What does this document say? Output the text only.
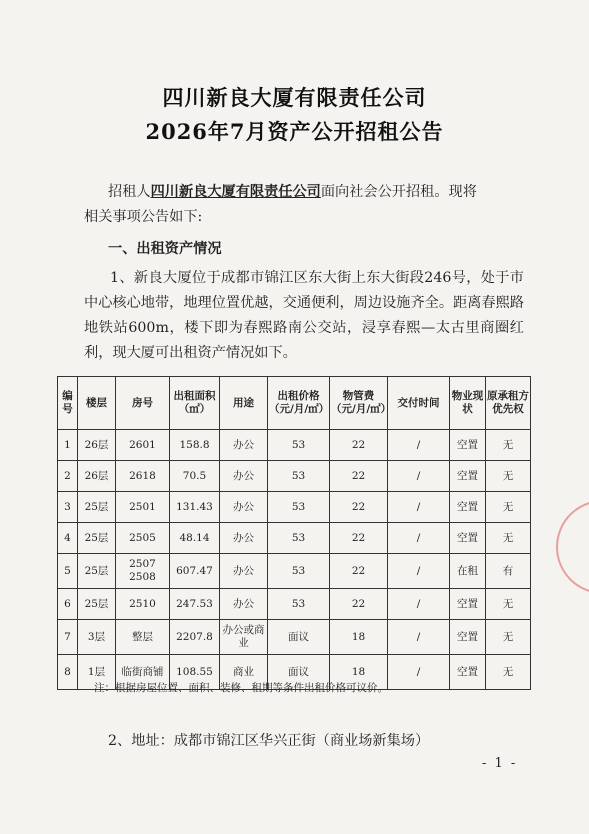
四川新良大厦有限责任公司
2026年7月资产公开招租公告
招租人四川新良大厦有限责任公司面向社会公开招租。现将
相关事项公告如下:
一、出租资产情况
1、新良大厦位于成都市锦江区东大街上东大街段246号，处于市中心核心地带，地理位置优越，交通便利，周边设施齐全。距离春熙路地铁站600m，楼下即为春熙路南公交站，浸享春熙—太古里商圈红利，现大厦可出租资产情况如下。
编号	楼层	房号	出租面积（㎡）	用途	出租价格（元/月/㎡）	物管费（元/月/㎡）	交付时间	物业现状	原承租方优先权
1	26层	2601	158.8	办公	53	22	/	空置	无
2	26层	2618	70.5	办公	53	22	/	空置	无
3	25层	2501	131.43	办公	53	22	/	空置	无
4	25层	2505	48.14	办公	53	22	/	空置	无
5	25层	2507 2508	607.47	办公	53	22	/	在租	有
6	25层	2510	247.53	办公	53	22	/	空置	无
7	3层	整层	2207.8	办公或商业	面议	18	/	空置	无
8	1层	临街商铺	108.55	商业	面议	18	/	空置	无
注：根据房屋位置、面积、装修、租期等条件出租价格可议价。
2、地址：成都市锦江区华兴正街（商业场新集场）
- 1 -
